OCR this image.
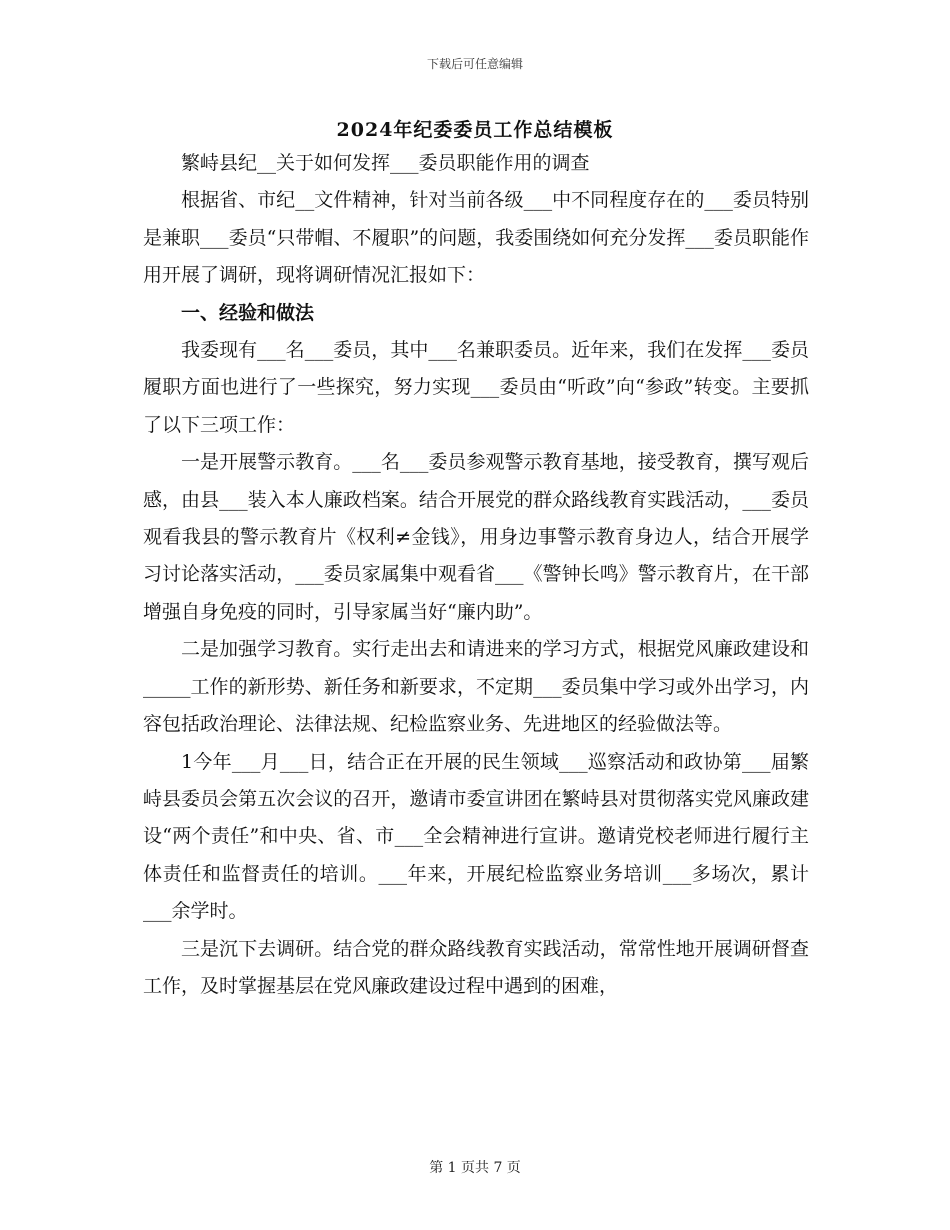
下载后可任意编辑
2024年纪委委员工作总结模板

繁峙县纪__关于如何发挥___委员职能作用的调查

根据省、市纪__文件精神，针对当前各级___中不同程度存在的___委员特别是兼职___委员“只带帽、不履职”的问题，我委围绕如何充分发挥___委员职能作用开展了调研，现将调研情况汇报如下：

一、经验和做法

我委现有___名___委员，其中___名兼职委员。近年来，我们在发挥___委员履职方面也进行了一些探究，努力实现___委员由“听政”向“参政”转变。主要抓了以下三项工作：

一是开展警示教育。___名___委员参观警示教育基地，接受教育，撰写观后感，由县___装入本人廉政档案。结合开展党的群众路线教育实践活动，___委员观看我县的警示教育片《权利≠金钱》，用身边事警示教育身边人，结合开展学习讨论落实活动，___委员家属集中观看省___《警钟长鸣》警示教育片，在干部增强自身免疫的同时，引导家属当好“廉内助”。

二是加强学习教育。实行走出去和请进来的学习方式，根据党风廉政建设和_____工作的新形势、新任务和新要求，不定期___委员集中学习或外出学习，内容包括政治理论、法律法规、纪检监察业务、先进地区的经验做法等。

1今年___月___日，结合正在开展的民生领域___巡察活动和政协第___届繁峙县委员会第五次会议的召开，邀请市委宣讲团在繁峙县对贯彻落实党风廉政建设“两个责任”和中央、省、市___全会精神进行宣讲。邀请党校老师进行履行主体责任和监督责任的培训。___年来，开展纪检监察业务培训___多场次，累计___余学时。

三是沉下去调研。结合党的群众路线教育实践活动，常常性地开展调研督查工作，及时掌握基层在党风廉政建设过程中遇到的困难，

第 1 页共 7 页
